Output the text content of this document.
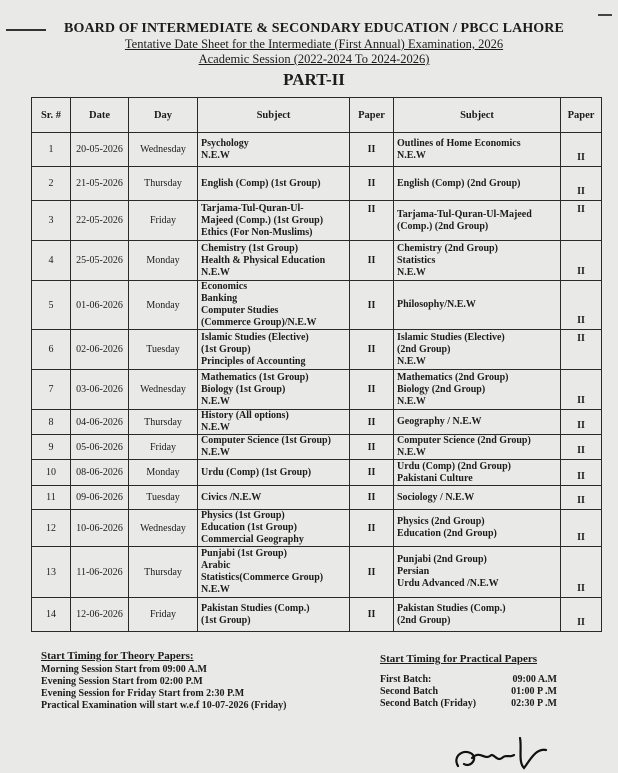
BOARD OF INTERMEDIATE & SECONDARY EDUCATION / PBCC LAHORE
Tentative Date Sheet for the Intermediate (First Annual) Examination, 2026
Academic Session (2022-2024 To 2024-2026)
PART-II
Sr. #	Date	Day	Subject	Paper	Subject	Paper
1	20-05-2026	Wednesday	Psychology
N.E.W	II	Outlines of Home Economics
N.E.W	II
2	21-05-2026	Thursday	English (Comp) (1st Group)	II	English (Comp) (2nd Group)	II
3	22-05-2026	Friday	Tarjama-Tul-Quran-Ul-
Majeed (Comp.) (1st Group)
Ethics (For Non-Muslims)	II	Tarjama-Tul-Quran-Ul-Majeed
(Comp.) (2nd Group)	II
4	25-05-2026	Monday	Chemistry (1st Group)
Health & Physical Education
N.E.W	II	Chemistry (2nd Group)
Statistics
N.E.W	II
5	01-06-2026	Monday	Economics
Banking
Computer Studies
(Commerce Group)/N.E.W	II	Philosophy/N.E.W	II
6	02-06-2026	Tuesday	Islamic Studies (Elective)
(1st Group)
Principles of Accounting	II	Islamic Studies (Elective)
(2nd Group)
N.E.W	II
7	03-06-2026	Wednesday	Mathematics (1st Group)
Biology (1st Group)
N.E.W	II	Mathematics (2nd Group)
Biology (2nd Group)
N.E.W	II
8	04-06-2026	Thursday	History (All options)
N.E.W	II	Geography / N.E.W	II
9	05-06-2026	Friday	Computer Science (1st Group)
N.E.W	II	Computer Science (2nd Group)
N.E.W	II
10	08-06-2026	Monday	Urdu (Comp) (1st Group)	II	Urdu (Comp) (2nd Group)
Pakistani Culture	II
11	09-06-2026	Tuesday	Civics /N.E.W	II	Sociology / N.E.W	II
12	10-06-2026	Wednesday	Physics (1st Group)
Education (1st Group)
Commercial Geography	II	Physics (2nd Group)
Education (2nd Group)	II
13	11-06-2026	Thursday	Punjabi (1st Group)
Arabic
Statistics(Commerce Group)
N.E.W	II	Punjabi (2nd Group)
Persian
Urdu Advanced /N.E.W	II
14	12-06-2026	Friday	Pakistan Studies (Comp.)
(1st Group)	II	Pakistan Studies (Comp.)
(2nd Group)	II
Start Timing for Theory Papers:
Morning Session Start from 09:00 A.M
Evening Session Start from 02:00 P.M
Evening Session for Friday Start from 2:30 P.M
Practical Examination will start w.e.f 10-07-2026 (Friday)
Start Timing for Practical Papers
First Batch:	09:00 A.M
Second Batch	01:00 P .M
Second Batch (Friday)	02:30 P .M
